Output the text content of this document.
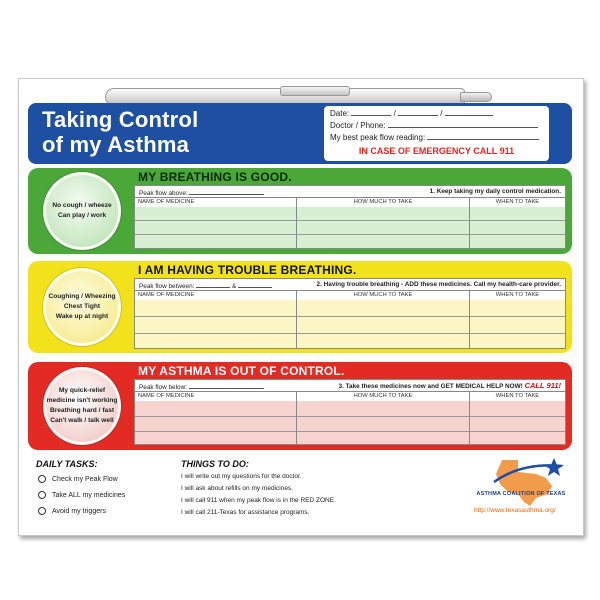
Taking Control
of my Asthma
Date:	/	/
Doctor / Phone:
My best peak flow reading:
IN CASE OF EMERGENCY CALL 911
No cough / wheeze
Can play / work
MY BREATHING IS GOOD.
Peak flow above:	1. Keep taking my daily control medication.
NAME OF MEDICINE	HOW MUCH TO TAKE	WHEN TO TAKE
Coughing / Wheezing
Chest Tight
Wake up at night
I AM HAVING TROUBLE BREATHING.
Peak flow between:	&	2. Having trouble breathing - ADD these medicines. Call my health-care provider.
NAME OF MEDICINE	HOW MUCH TO TAKE	WHEN TO TAKE
My quick-relief
medicine isn't working
Breathing hard / fast
Can't walk / talk well
MY ASTHMA IS OUT OF CONTROL.
Peak flow below:	3. Take these medicines now and GET MEDICAL HELP NOW! CALL 911!
NAME OF MEDICINE	HOW MUCH TO TAKE	WHEN TO TAKE
DAILY TASKS:
Check my Peak Flow
Take ALL my medicines
Avoid my triggers
THINGS TO DO:
I will write out my questions for the doctor.
I will ask about refills on my medicines.
I will call 911 when my peak flow is in the RED ZONE.
I will call 211-Texas for assistance programs.
ASTHMA COALITION OF TEXAS
http://www.texasasthma.org/
